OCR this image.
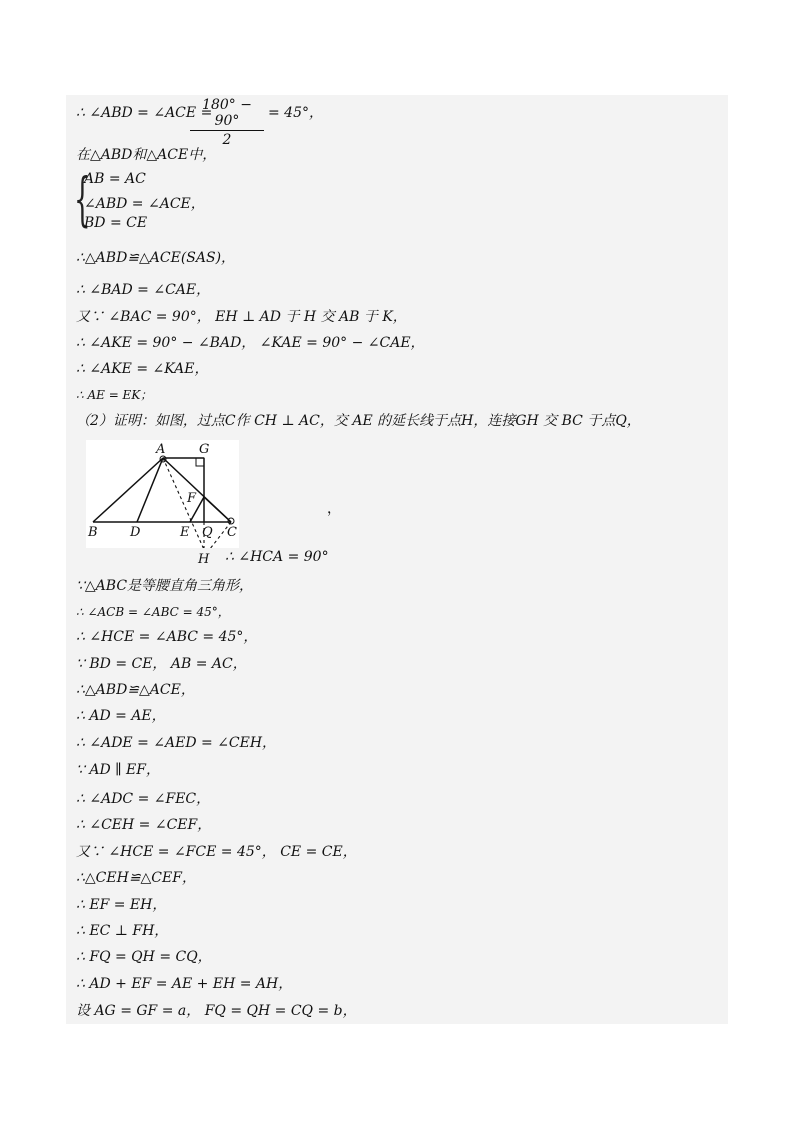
∴ ∠ABD = ∠ACE =
$\frac{180^\circ - 90^\circ}{2} = 45^\circ$，
在△ABD和△ACE中，
{
AB = AC
∠ABD = ∠ACE，
BD = CE
∴△ABD≌△ACE(SAS)，
∴ ∠BAD = ∠CAE，
又∵ ∠BAC = 90°， EH ⊥ AD 于 H 交 AB 于 K，
∴ ∠AKE = 90° − ∠BAD， ∠KAE = 90° − ∠CAE，
∴ ∠AKE = ∠KAE，
∴ AE = EK；
（2）证明：如图，过点C作 CH ⊥ AC，交 AE 的延长线于点H，连接GH 交 BC 于点Q，
A	G
F
B D	E Q C
H
，
∴ ∠HCA = 90°
∵△ABC是等腰直角三角形，
∴ ∠ACB = ∠ABC = 45°，
∴ ∠HCE = ∠ABC = 45°，
∵ BD = CE， AB = AC，
∴△ABD≌△ACE，
∴ AD = AE，
∴ ∠ADE = ∠AED = ∠CEH，
∵ AD ∥ EF，
∴ ∠ADC = ∠FEC，
∴ ∠CEH = ∠CEF，
又∵ ∠HCE = ∠FCE = 45°， CE = CE，
∴△CEH≌△CEF，
∴ EF = EH，
∴ EC ⊥ FH，
∴ FQ = QH = CQ，
∴ AD + EF = AE + EH = AH，
设 AG = GF = a， FQ = QH = CQ = b，
